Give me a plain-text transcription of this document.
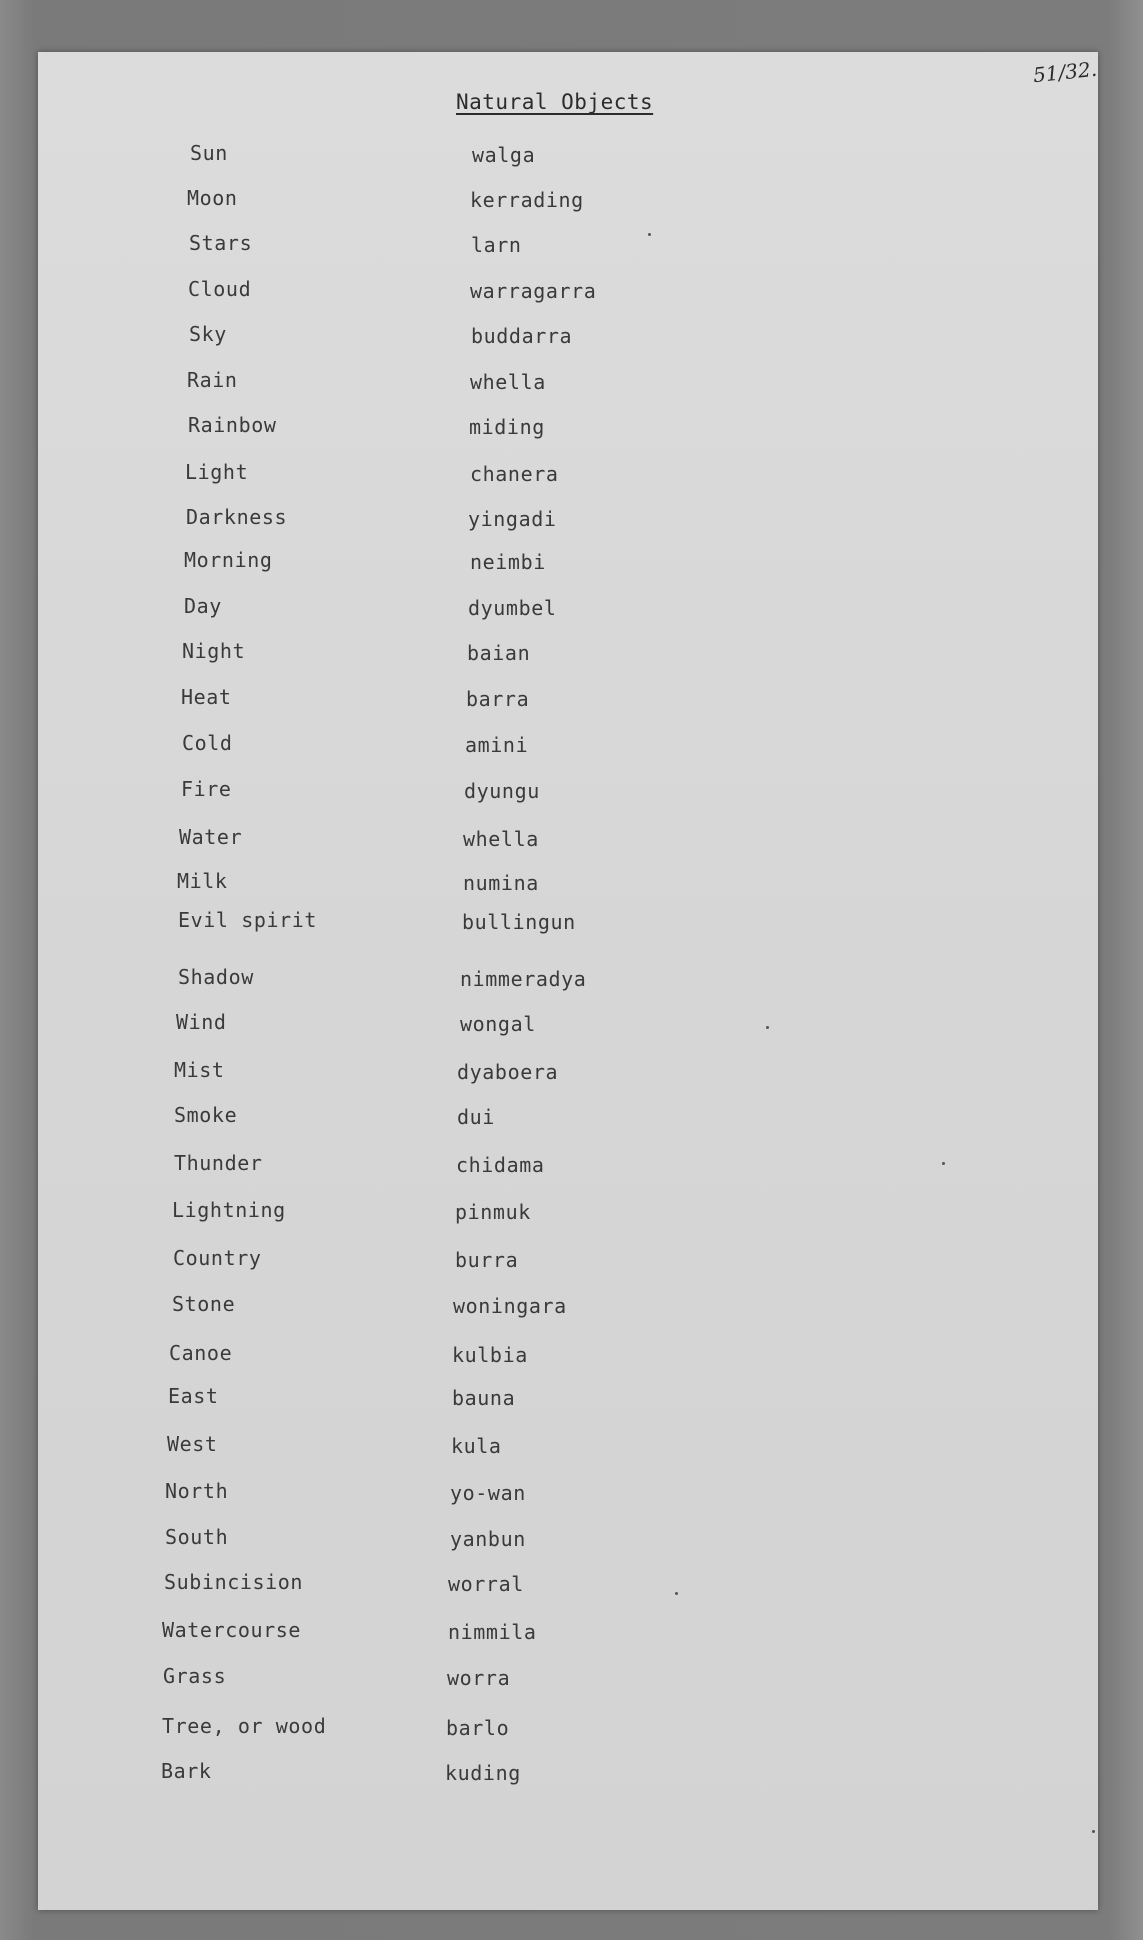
51/32.
Natural Objects
Sun	walga
Moon	kerrading
Stars	larn
Cloud	warragarra
Sky	buddarra
Rain	whella
Rainbow	miding
Light	chanera
Darkness	yingadi
Morning	neimbi
Day	dyumbel
Night	baian
Heat	barra
Cold	amini
Fire	dyungu
Water	whella
Milk	numina
Evil spirit	bullingun
Shadow	nimmeradya
Wind	wongal
Mist	dyaboera
Smoke	dui
Thunder	chidama
Lightning	pinmuk
Country	burra
Stone	woningara
Canoe	kulbia
East	bauna
West	kula
North	yo-wan
South	yanbun
Subincision	worral
Watercourse	nimmila
Grass	worra
Tree, or wood	barlo
Bark	kuding
